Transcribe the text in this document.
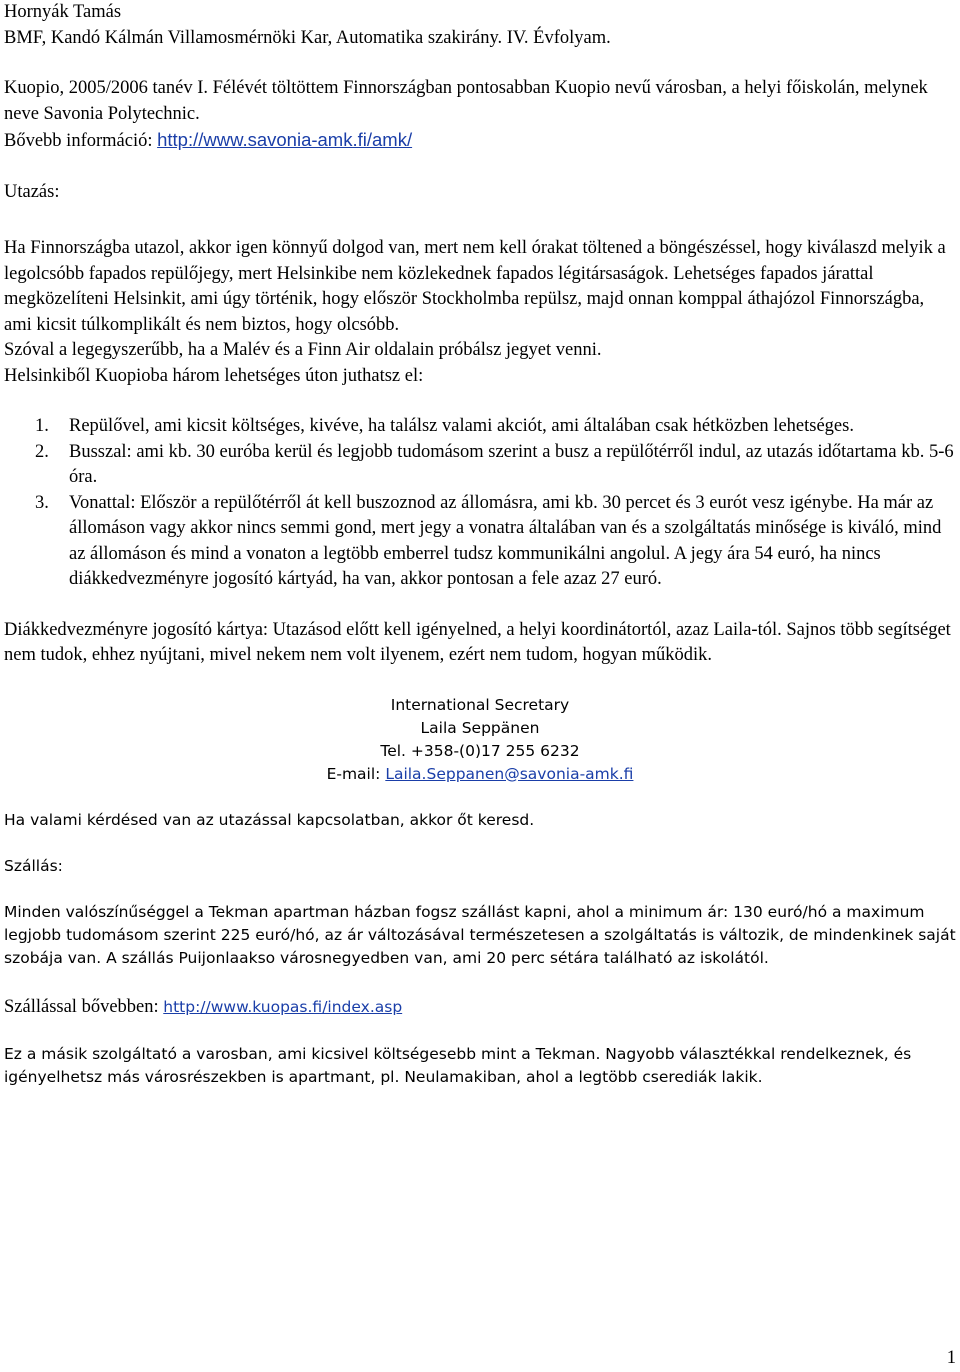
Hornyák Tamás

BMF, Kandó Kálmán Villamosmérnöki Kar, Automatika szakirány. IV. Évfolyam.

Kuopio, 2005/2006 tanév I. Félévét töltöttem Finnországban pontosabban Kuopio nevű városban, a helyi főiskolán, melynek neve Savonia Polytechnic.

Bővebb információ: http://www.savonia-amk.fi/amk/

Utazás:

Ha Finnországba utazol, akkor igen könnyű dolgod van, mert nem kell órakat töltened a böngészéssel, hogy kiválaszd melyik a legolcsóbb fapados repülőjegy, mert Helsinkibe nem közlekednek fapados légitársaságok. Lehetséges fapados járattal megközelíteni Helsinkit, ami úgy történik, hogy először Stockholmba repülsz, majd onnan komppal áthajózol Finnországba, ami kicsit túlkomplikált és nem biztos, hogy olcsóbb.

Szóval a legegyszerűbb, ha a Malév és a Finn Air oldalain próbálsz jegyet venni.

Helsinkiből Kuopioba három lehetséges úton juthatsz el:

1. Repülővel, ami kicsit költséges, kivéve, ha találsz valami akciót, ami általában csak hétközben lehetséges.
2. Busszal: ami kb. 30 euróba kerül és legjobb tudomásom szerint a busz a repülőtérről indul, az utazás időtartama kb. 5-6 óra.
3. Vonattal: Először a repülőtérről át kell buszoznod az állomásra, ami kb. 30 percet és 3 eurót vesz igénybe. Ha már az állomáson vagy akkor nincs semmi gond, mert jegy a vonatra általában van és a szolgáltatás minősége is kiváló, mind az állomáson és mind a vonaton a legtöbb emberrel tudsz kommunikálni angolul. A jegy ára 54 euró, ha nincs diákkedvezményre jogosító kártyád, ha van, akkor pontosan a fele azaz 27 euró.

Diákkedvezményre jogosító kártya: Utazásod előtt kell igényelned, a helyi koordinátortól, azaz Laila-tól. Sajnos több segítséget nem tudok, ehhez nyújtani, mivel nekem nem volt ilyenem, ezért nem tudom, hogyan működik.

International Secretary

Laila Seppänen

Tel. +358-(0)17 255 6232

E-mail: Laila.Seppanen@savonia-amk.fi

Ha valami kérdésed van az utazással kapcsolatban, akkor őt keresd.

Szállás:

Minden valószínűséggel a Tekman apartman házban fogsz szállást kapni, ahol a minimum ár: 130 euró/hó a maximum legjobb tudomásom szerint 225 euró/hó, az ár változásával természetesen a szolgáltatás is változik, de mindenkinek saját szobája van. A szállás Puijonlaakso városnegyedben van, ami 20 perc sétára található az iskolától.

Szállással bővebben: http://www.kuopas.fi/index.asp

Ez a másik szolgáltató a varosban, ami kicsivel költségesebb mint a Tekman. Nagyobb választékkal rendelkeznek, és igényelhetsz más városrészekben is apartmant, pl. Neulamakiban, ahol a legtöbb cserediák lakik.

1
